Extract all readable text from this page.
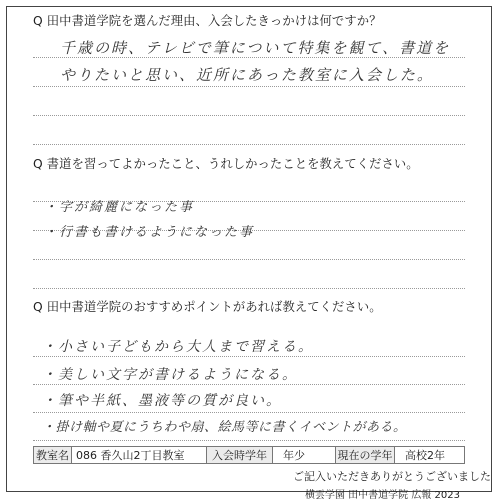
Q 田中書道学院を選んだ理由、入会したきっかけは何ですか？
千歳の時、テレビで筆について特集を観て、書道を
やりたいと思い、近所にあった教室に入会した。
Q 書道を習ってよかったこと、うれしかったことを教えてください。
・字が綺麗になった事
・行書も書けるようになった事
Q 田中書道学院のおすすめポイントがあれば教えてください。
・小さい子どもから大人まで習える。
・美しい文字が書けるようになる。
・筆や半紙、墨液等の質が良い。
・掛け軸や夏にうちわや扇、絵馬等に書くイベントがある。
教室名 086 香久山2丁目教室	入会時学年	年少	現在の学年	高校2年
ご記入いただきありがとうございました
横雲学園 田中書道学院 広報 2023
